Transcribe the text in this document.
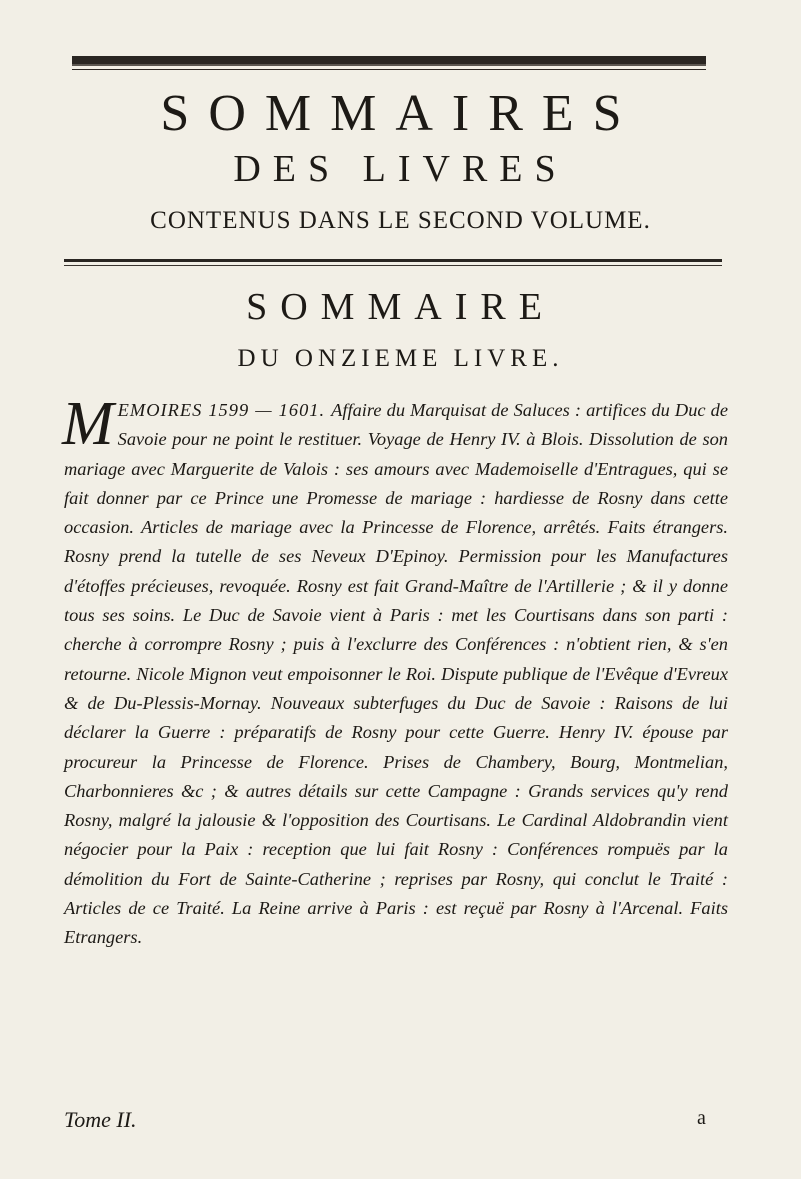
SOMMAIRES
DES LIVRES
CONTENUS DANS LE SECOND VOLUME.
SOMMAIRE
DU ONZIEME LIVRE.
MEMOIRES 1599 — 1601. Affaire du Marquisat de Saluces : artifices du Duc de Savoie pour ne point le restituer. Voyage de Henry IV. à Blois. Dissolution de son mariage avec Marguerite de Valois : ses amours avec Mademoiselle d'Entragues, qui se fait donner par ce Prince une Promesse de mariage : hardiesse de Rosny dans cette occasion. Articles de mariage avec la Princesse de Florence, arrêtés. Faits étrangers. Rosny prend la tutelle de ses Neveux D'Epinoy. Permission pour les Manufactures d'étoffes précieuses, revoquée. Rosny est fait Grand-Maître de l'Artillerie ; & il y donne tous ses soins. Le Duc de Savoie vient à Paris : met les Courtisans dans son parti : cherche à corrompre Rosny ; puis à l'exclurre des Conférences : n'obtient rien, & s'en retourne. Nicole Mignon veut empoisonner le Roi. Dispute publique de l'Evêque d'Evreux & de Du-Plessis-Mornay. Nouveaux subterfuges du Duc de Savoie : Raisons de lui déclarer la Guerre : préparatifs de Rosny pour cette Guerre. Henry IV. épouse par procureur la Princesse de Florence. Prises de Chambery, Bourg, Montmelian, Charbonnieres &c ; & autres détails sur cette Campagne : Grands services qu'y rend Rosny, malgré la jalousie & l'opposition des Courtisans. Le Cardinal Aldobrandin vient négocier pour la Paix : reception que lui fait Rosny : Conférences rompuës par la démolition du Fort de Sainte-Catherine ; reprises par Rosny, qui conclut le Traité : Articles de ce Traité. La Reine arrive à Paris : est reçuë par Rosny à l'Arcenal. Faits Etrangers.
Tome II.	a
